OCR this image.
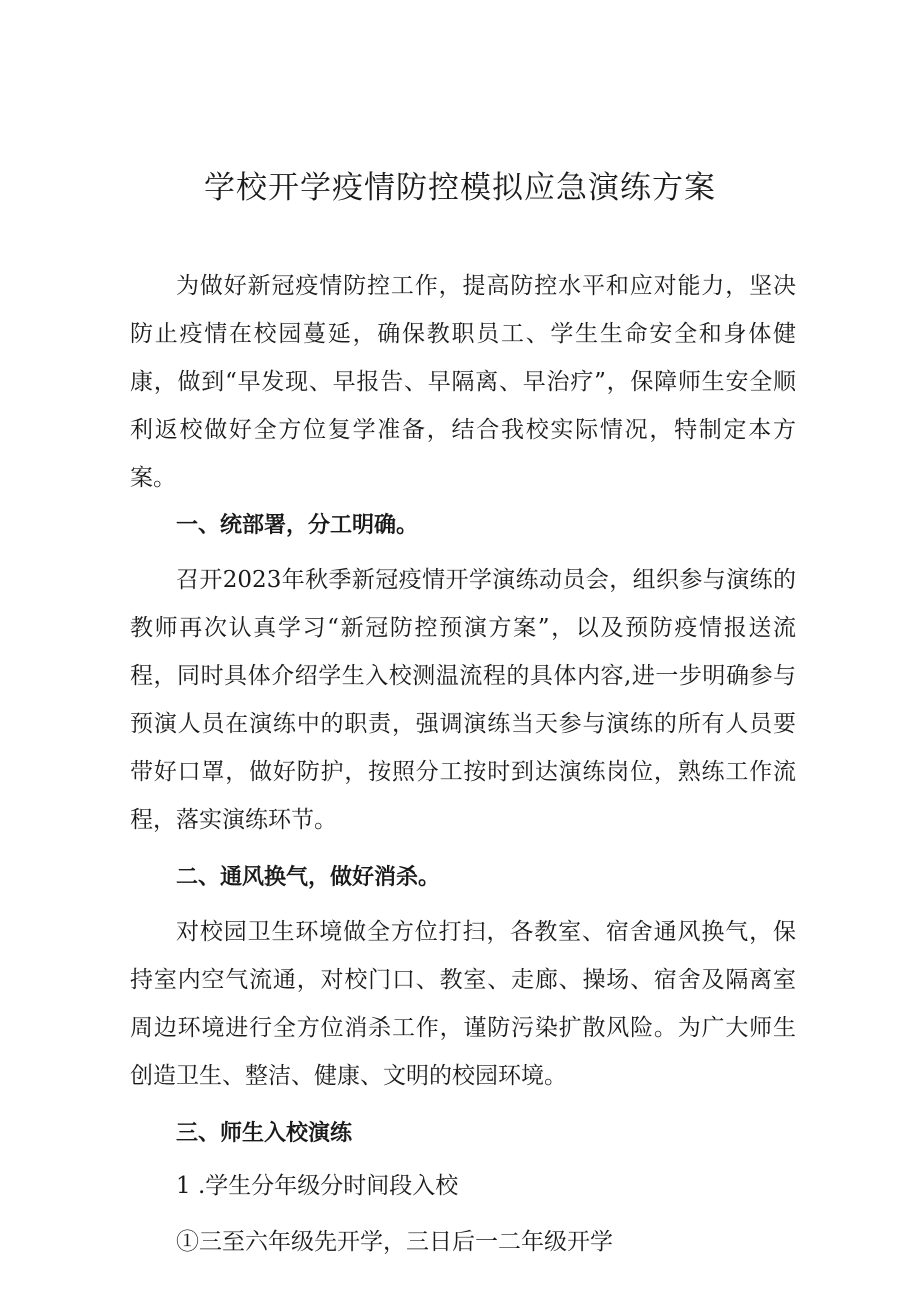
学校开学疫情防控模拟应急演练方案

为做好新冠疫情防控工作，提高防控水平和应对能力，坚决防止疫情在校园蔓延，确保教职员工、学生生命安全和身体健康，做到“早发现、早报告、早隔离、早治疗”，保障师生安全顺利返校做好全方位复学准备，结合我校实际情况，特制定本方案。

一、统部署，分工明确。

召开2023年秋季新冠疫情开学演练动员会，组织参与演练的教师再次认真学习“新冠防控预演方案”，以及预防疫情报送流程，同时具体介绍学生入校测温流程的具体内容,进一步明确参与预演人员在演练中的职责，强调演练当天参与演练的所有人员要带好口罩，做好防护，按照分工按时到达演练岗位，熟练工作流程，落实演练环节。

二、通风换气，做好消杀。

对校园卫生环境做全方位打扫，各教室、宿舍通风换气，保持室内空气流通，对校门口、教室、走廊、操场、宿舍及隔离室周边环境进行全方位消杀工作，谨防污染扩散风险。为广大师生创造卫生、整洁、健康、文明的校园环境。

三、师生入校演练

1 .学生分年级分时间段入校

①三至六年级先开学，三日后一二年级开学
